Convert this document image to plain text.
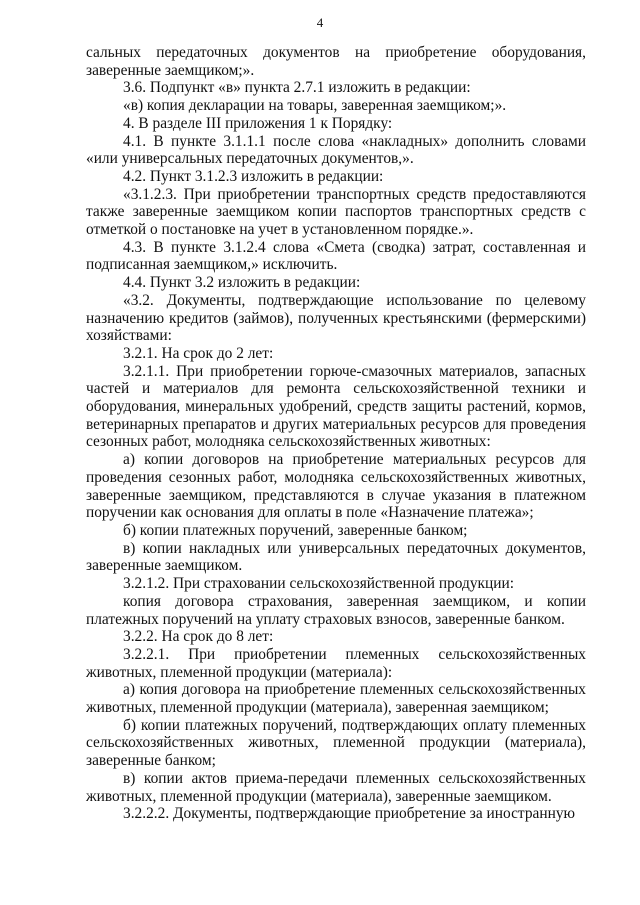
4

сальных передаточных документов на приобретение оборудования, заверенные заемщиком;».

3.6. Подпункт «в» пункта 2.7.1 изложить в редакции:

«в) копия декларации на товары, заверенная заемщиком;».

4. В разделе III приложения 1 к Порядку:

4.1. В пункте 3.1.1.1 после слова «накладных» дополнить словами «или универсальных передаточных документов,».

4.2. Пункт 3.1.2.3 изложить в редакции:

«3.1.2.3. При приобретении транспортных средств предоставляются также заверенные заемщиком копии паспортов транспортных средств с отметкой о постановке на учет в установленном порядке.».

4.3. В пункте 3.1.2.4 слова «Смета (сводка) затрат, составленная и подписанная заемщиком,» исключить.

4.4. Пункт 3.2 изложить в редакции:

«3.2. Документы, подтверждающие использование по целевому назначению кредитов (займов), полученных крестьянскими (фермерскими) хозяйствами:

3.2.1. На срок до 2 лет:

3.2.1.1. При приобретении горюче-смазочных материалов, запасных частей и материалов для ремонта сельскохозяйственной техники и оборудования, минеральных удобрений, средств защиты растений, кормов, ветеринарных препаратов и других материальных ресурсов для проведения сезонных работ, молодняка сельскохозяйственных животных:

а) копии договоров на приобретение материальных ресурсов для проведения сезонных работ, молодняка сельскохозяйственных животных, заверенные заемщиком, представляются в случае указания в платежном поручении как основания для оплаты в поле «Назначение платежа»;

б) копии платежных поручений, заверенные банком;

в) копии накладных или универсальных передаточных документов, заверенные заемщиком.

3.2.1.2. При страховании сельскохозяйственной продукции:

копия договора страхования, заверенная заемщиком, и копии платежных поручений на уплату страховых взносов, заверенные банком.

3.2.2. На срок до 8 лет:

3.2.2.1. При приобретении племенных сельскохозяйственных животных, племенной продукции (материала):

а) копия договора на приобретение племенных сельскохозяйственных животных, племенной продукции (материала), заверенная заемщиком;

б) копии платежных поручений, подтверждающих оплату племенных сельскохозяйственных животных, племенной продукции (материала), заверенные банком;

в) копии актов приема-передачи племенных сельскохозяйственных животных, племенной продукции (материала), заверенные заемщиком.

3.2.2.2. Документы, подтверждающие приобретение за иностранную
